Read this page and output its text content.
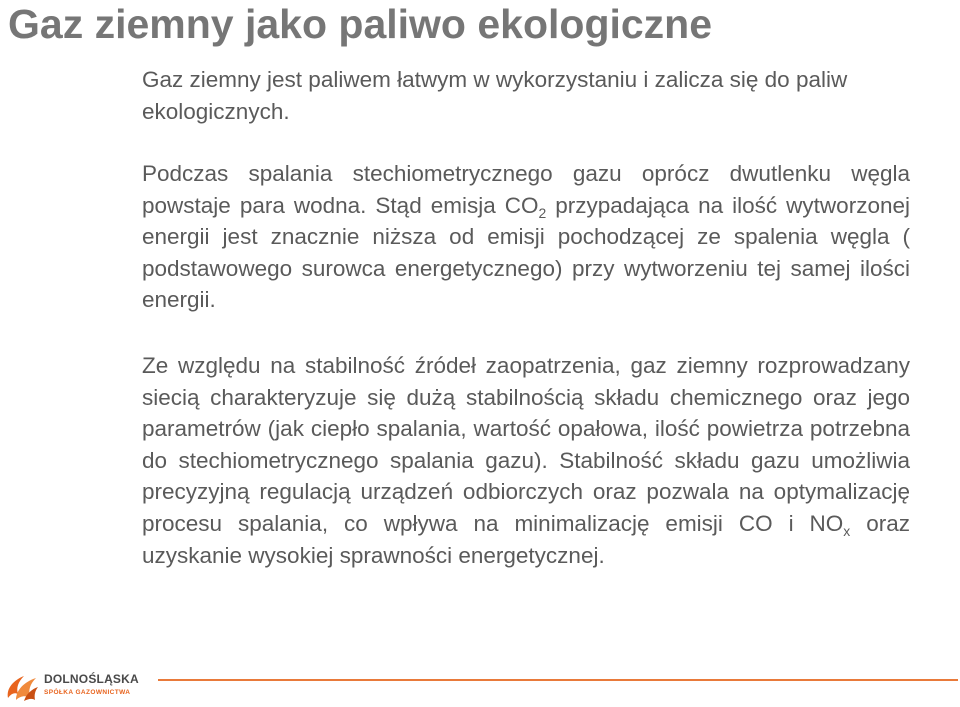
Gaz ziemny jako paliwo ekologiczne

Gaz ziemny jest paliwem łatwym w wykorzystaniu i zalicza się do paliw ekologicznych.

Podczas spalania stechiometrycznego gazu oprócz dwutlenku węgla powstaje para wodna. Stąd emisja $CO_2$ przypadająca na ilość wytworzonej energii jest znacznie niższa od emisji pochodzącej ze spalenia węgla ( podstawowego surowca energetycznego) przy wytworzeniu tej samej ilości energii.

Ze względu na stabilność źródeł zaopatrzenia, gaz ziemny rozprowadzany siecią charakteryzuje się dużą stabilnością składu chemicznego oraz jego parametrów (jak ciepło spalania, wartość opałowa, ilość powietrza potrzebna do stechiometrycznego spalania gazu). Stabilność składu gazu umożliwia precyzyjną regulacją urządzeń odbiorczych oraz pozwala na optymalizację procesu spalania, co wpływa na minimalizację emisji CO i $NO_x$ oraz uzyskanie wysokiej sprawności energetycznej.

DOLNOŚLĄSKA
SPÓŁKA GAZOWNICTWA
